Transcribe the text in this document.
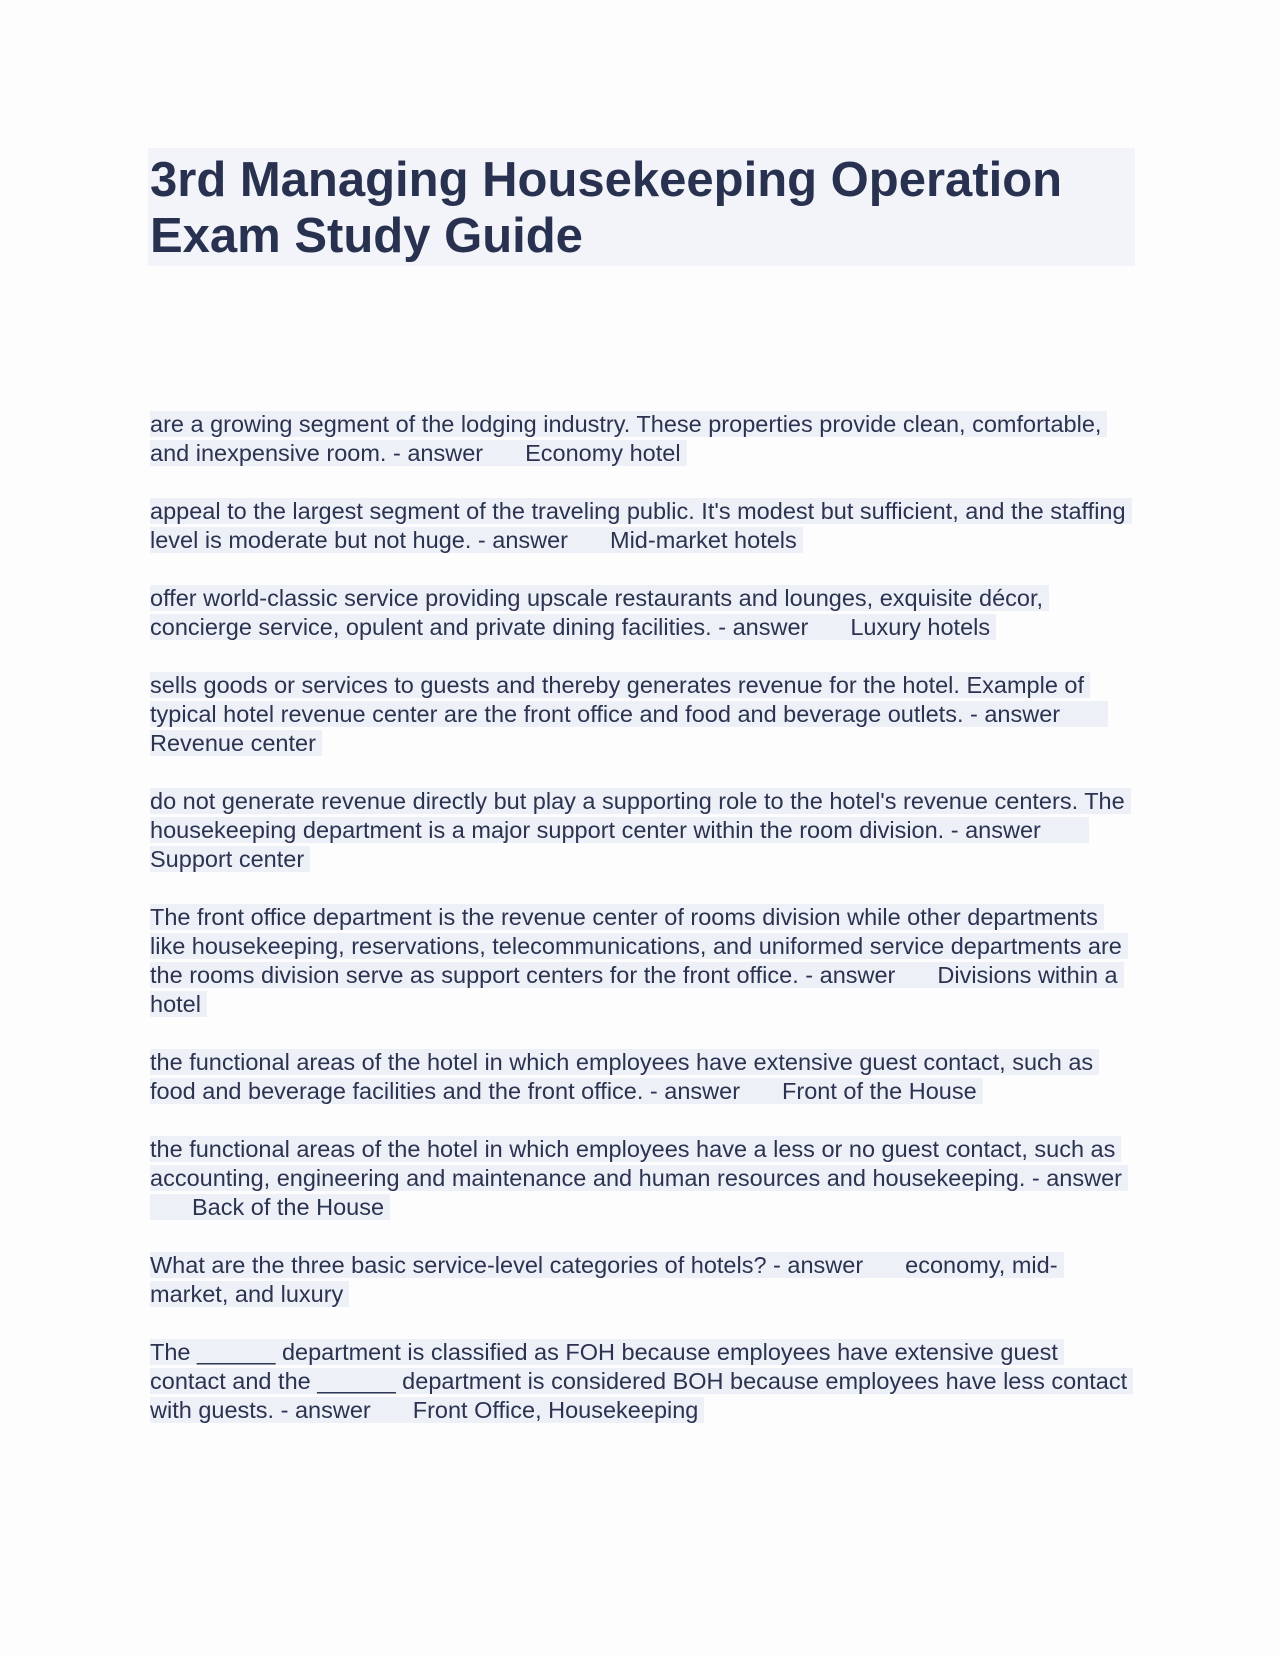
3rd Managing Housekeeping Operation Exam Study Guide

are a growing segment of the lodging industry. These properties provide clean, comfortable, and inexpensive room. - answer Economy hotel

appeal to the largest segment of the traveling public. It's modest but sufficient, and the staffing level is moderate but not huge. - answer Mid-market hotels

offer world-classic service providing upscale restaurants and lounges, exquisite décor, concierge service, opulent and private dining facilities. - answer Luxury hotels

sells goods or services to guests and thereby generates revenue for the hotel. Example of typical hotel revenue center are the front office and food and beverage outlets. - answerRevenue center

do not generate revenue directly but play a supporting role to the hotel's revenue centers. The housekeeping department is a major support center within the room division. - answerSupport center

The front office department is the revenue center of rooms division while other departments like housekeeping, reservations, telecommunications, and uniformed service departments are the rooms division serve as support centers for the front office. - answer Divisions within a hotel

the functional areas of the hotel in which employees have extensive guest contact, such as food and beverage facilities and the front office. - answer Front of the House

the functional areas of the hotel in which employees have a less or no guest contact, such as accounting, engineering and maintenance and human resources and housekeeping. - answerBack of the House

What are the three basic service-level categories of hotels? - answer economy, mid-market, and luxury

The ______ department is classified as FOH because employees have extensive guest contact and the ______ department is considered BOH because employees have less contact with guests. - answer Front Office, Housekeeping
